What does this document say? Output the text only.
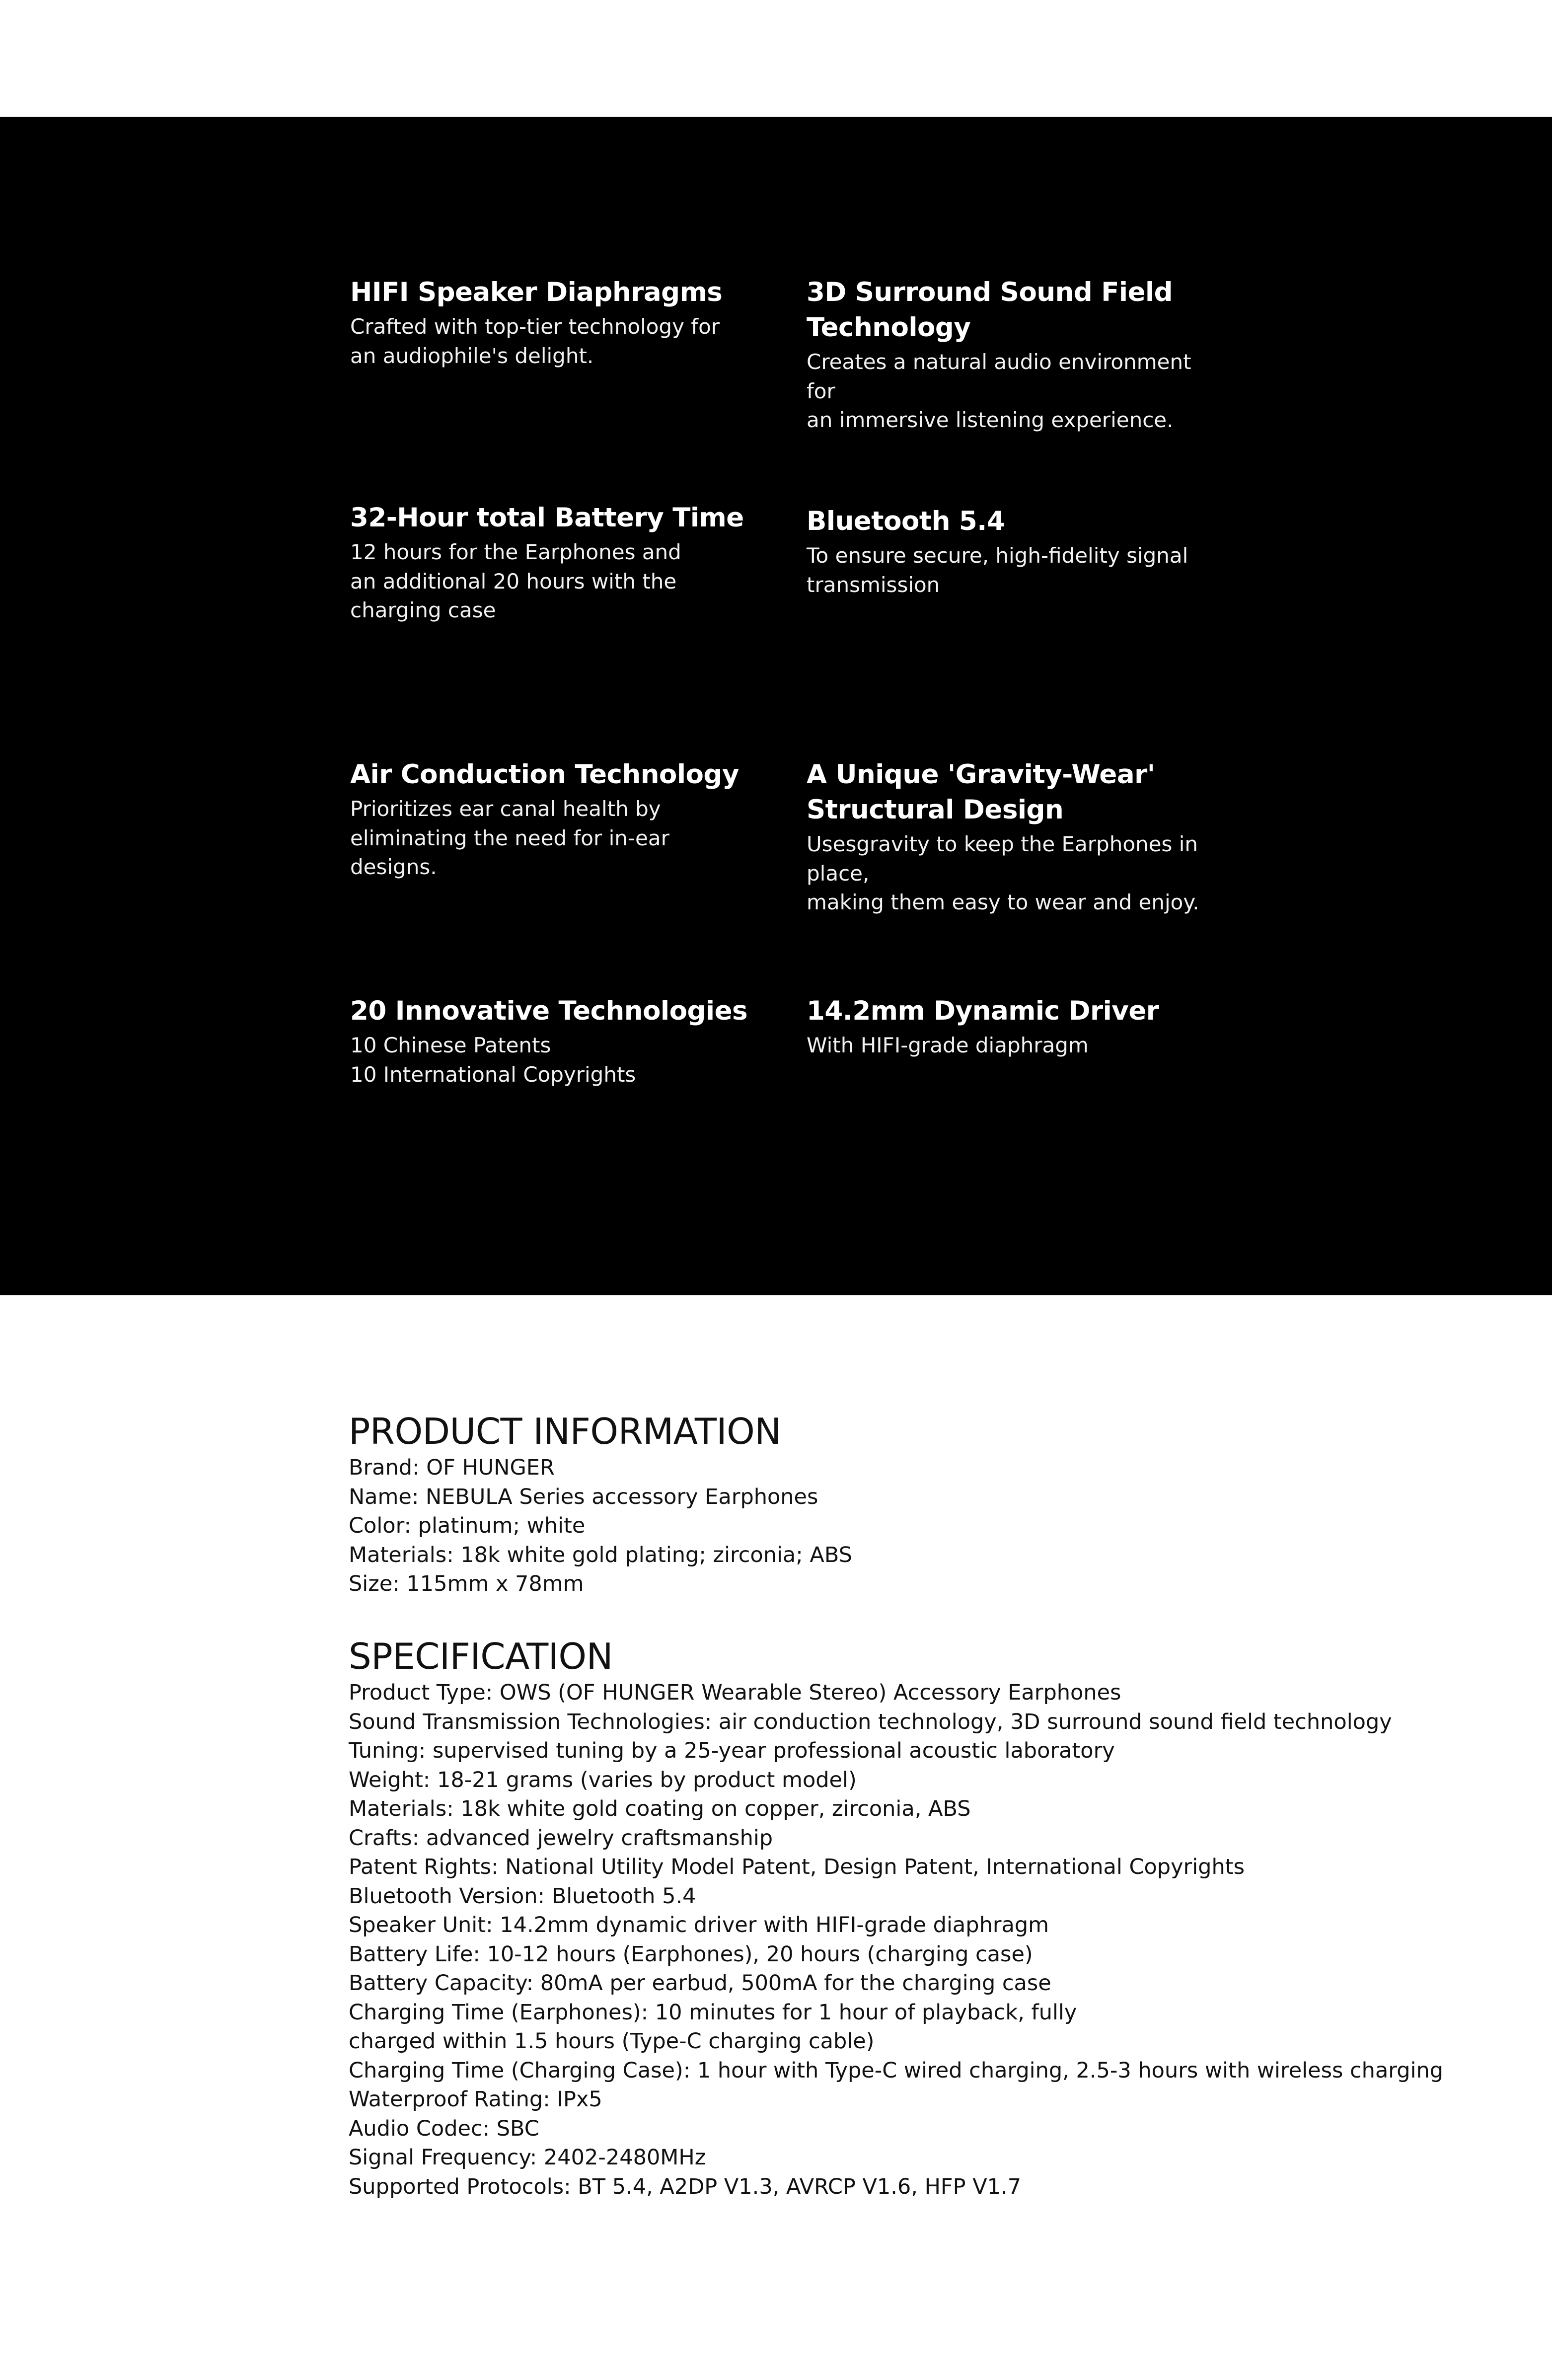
HIFI Speaker Diaphragms
Crafted with top-tier technology for
an audiophile's delight.
3D Surround Sound Field Technology
Creates a natural audio environment for
an immersive listening experience.
32-Hour total Battery Time
12 hours for the Earphones and
an additional 20 hours with the
charging case
Bluetooth 5.4
To ensure secure, high-fidelity signal
transmission
Air Conduction Technology
Prioritizes ear canal health by
eliminating the need for in-ear
designs.
A Unique 'Gravity-Wear' Structural Design
Usesgravity to keep the Earphones in place,
making them easy to wear and enjoy.
20 Innovative Technologies
10 Chinese Patents
10 International Copyrights
14.2mm Dynamic Driver
With HIFI-grade diaphragm
PRODUCT INFORMATION
Brand: OF HUNGER
Name: NEBULA Series accessory Earphones
Color: platinum; white
Materials: 18k white gold plating; zirconia; ABS
Size: 115mm x 78mm
SPECIFICATION
Product Type: OWS (OF HUNGER Wearable Stereo) Accessory Earphones
Sound Transmission Technologies: air conduction technology, 3D surround sound field technology
Tuning: supervised tuning by a 25-year professional acoustic laboratory
Weight: 18-21 grams (varies by product model)
Materials: 18k white gold coating on copper, zirconia, ABS
Crafts: advanced jewelry craftsmanship
Patent Rights: National Utility Model Patent, Design Patent, International Copyrights
Bluetooth Version: Bluetooth 5.4
Speaker Unit: 14.2mm dynamic driver with HIFI-grade diaphragm
Battery Life: 10-12 hours (Earphones), 20 hours (charging case)
Battery Capacity: 80mA per earbud, 500mA for the charging case
Charging Time (Earphones): 10 minutes for 1 hour of playback, fully
charged within 1.5 hours (Type-C charging cable)
Charging Time (Charging Case): 1 hour with Type-C wired charging, 2.5-3 hours with wireless charging
Waterproof Rating: IPx5
Audio Codec: SBC
Signal Frequency: 2402-2480MHz
Supported Protocols: BT 5.4, A2DP V1.3, AVRCP V1.6, HFP V1.7
